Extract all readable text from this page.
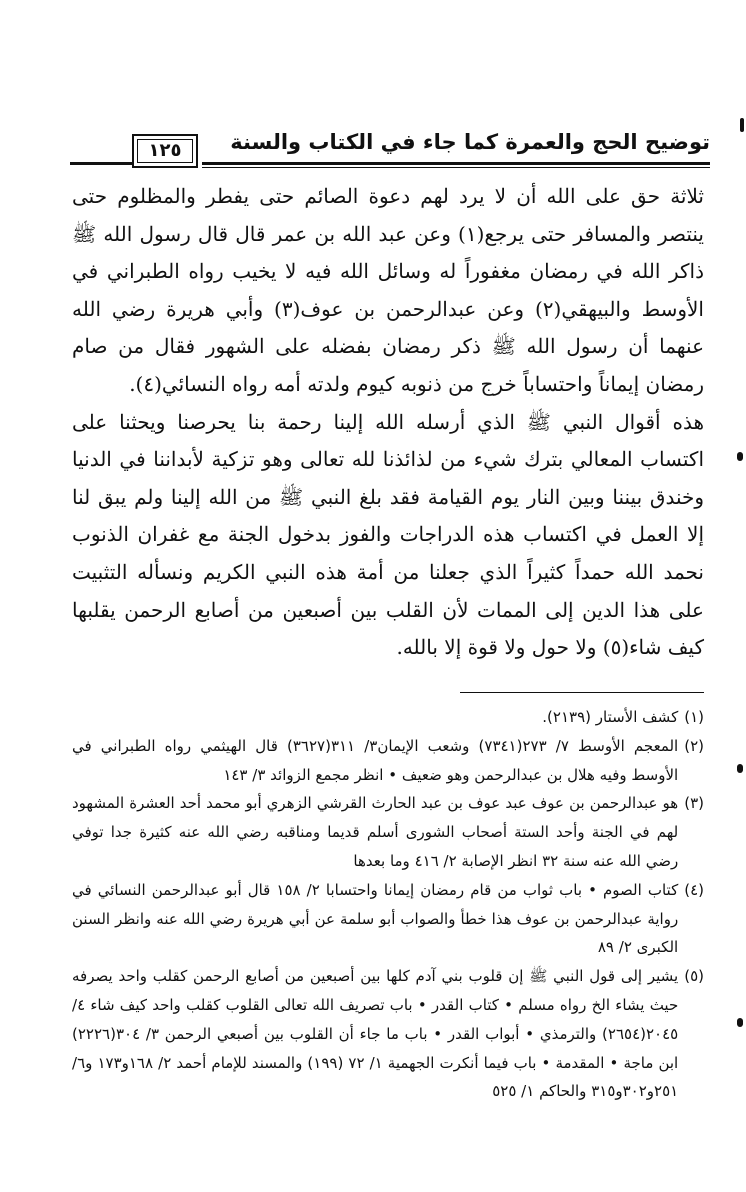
١٢٥	توضيح الحج والعمرة كما جاء في الكتاب والسنة

ثلاثة حق على الله أن لا يرد لهم دعوة الصائم حتى يفطر والمظلوم حتى ينتصر والمسافر حتى يرجع(١) وعن عبد الله بن عمر قال قال رسول الله ﷺ ذاكر الله في رمضان مغفوراً له وسائل الله فيه لا يخيب رواه الطبراني في الأوسط والبيهقي(٢) وعن عبدالرحمن بن عوف(٣) وأبي هريرة رضي الله عنهما أن رسول الله ﷺ ذكر رمضان بفضله على الشهور فقال من صام رمضان إيماناً واحتساباً خرج من ذنوبه كيوم ولدته أمه رواه النسائي(٤).

هذه أقوال النبي ﷺ الذي أرسله الله إلينا رحمة بنا يحرصنا ويحثنا على اكتساب المعالي بترك شيء من لذائذنا لله تعالى وهو تزكية لأبداننا في الدنيا وخندق بيننا وبين النار يوم القيامة فقد بلغ النبي ﷺ من الله إلينا ولم يبق لنا إلا العمل في اكتساب هذه الدراجات والفوز بدخول الجنة مع غفران الذنوب نحمد الله حمداً كثيراً الذي جعلنا من أمة هذه النبي الكريم ونسأله التثبيت على هذا الدين إلى الممات لأن القلب بين أصبعين من أصابع الرحمن يقلبها كيف شاء(٥) ولا حول ولا قوة إلا بالله.

(١)
كشف الأستار (٢١٣٩).
(٢)
المعجم الأوسط ٧/ ٢٧٣(٧٣٤١) وشعب الإيمان٣/ ٣١١(٣٦٢٧) قال الهيثمي رواه الطبراني في الأوسط وفيه هلال بن عبدالرحمن وهو ضعيف • انظر مجمع الزوائد ٣/ ١٤٣
(٣)
هو عبدالرحمن بن عوف عبد عوف بن عبد الحارث القرشي الزهري أبو محمد أحد العشرة المشهود لهم في الجنة وأحد الستة أصحاب الشورى أسلم قديما ومناقبه رضي الله عنه كثيرة جدا توفي رضي الله عنه سنة ٣٢ انظر الإصابة ٢/ ٤١٦ وما بعدها
(٤)
كتاب الصوم • باب ثواب من قام رمضان إيمانا واحتسابا ٢/ ١٥٨ قال أبو عبدالرحمن النسائي في رواية عبدالرحمن بن عوف هذا خطأ والصواب أبو سلمة عن أبي هريرة رضي الله عنه وانظر السنن الكبرى ٢/ ٨٩
(٥)
يشير إلى قول النبي ﷺ إن قلوب بني آدم كلها بين أصبعين من أصابع الرحمن كقلب واحد يصرفه حيث يشاء الخ رواه مسلم • كتاب القدر • باب تصريف الله تعالى القلوب كقلب واحد كيف شاء ٤/ ٢٠٤٥(٢٦٥٤) والترمذي • أبواب القدر • باب ما جاء أن القلوب بين أصبعي الرحمن ٣/ ٣٠٤(٢٢٢٦) ابن ماجة • المقدمة • باب فيما أنكرت الجهمية ١/ ٧٢ (١٩٩) والمسند للإمام أحمد ٢/ ١٦٨و١٧٣ و٦/ ٢٥١و٣٠٢و٣١٥ والحاكم ١/ ٥٢٥
